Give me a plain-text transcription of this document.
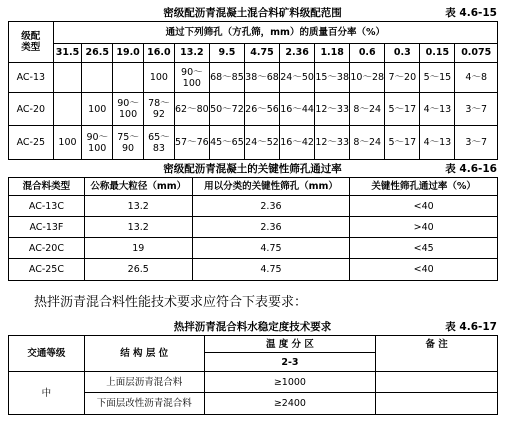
密级配沥青混凝土混合料矿料级配范围	表 4.6-15
级配类型	通过下列筛孔（方孔筛，mm）的质量百分率（%）												
	31.5	26.5	19.0	16.0	13.2	9.5	4.75	2.36	1.18	0.6	0.3	0.15	0.075
AC-13				100	90～100	68～85	38～68	24～50	15～38	10～28	7～20	5～15	4～8
AC-20		100	90～100	78～92	62～80	50～72	26～56	16～44	12～33	8～24	5～17	4～13	3～7
AC-25	100	90～100	75～90	65～83	57～76	45～65	24～52	16～42	12～33	8～24	5～17	4～13	3～7
密级配沥青混凝土的关键性筛孔通过率	表 4.6-16
混合料类型	公称最大粒径（mm）	用以分类的关键性筛孔（mm）	关键性筛孔通过率（%）
AC-13C	13.2	2.36	<40
AC-13F	13.2	2.36	>40
AC-20C	19	4.75	<45
AC-25C	26.5	4.75	<40
热拌沥青混合料性能技术要求应符合下表要求：
热拌沥青混合料水稳定度技术要求	表 4.6-17
交通等级	结 构 层 位	温 度 分 区	备 注
		2-3	
中	上面层沥青混合料	≥1000	
	下面层改性沥青混合料	≥2400	
